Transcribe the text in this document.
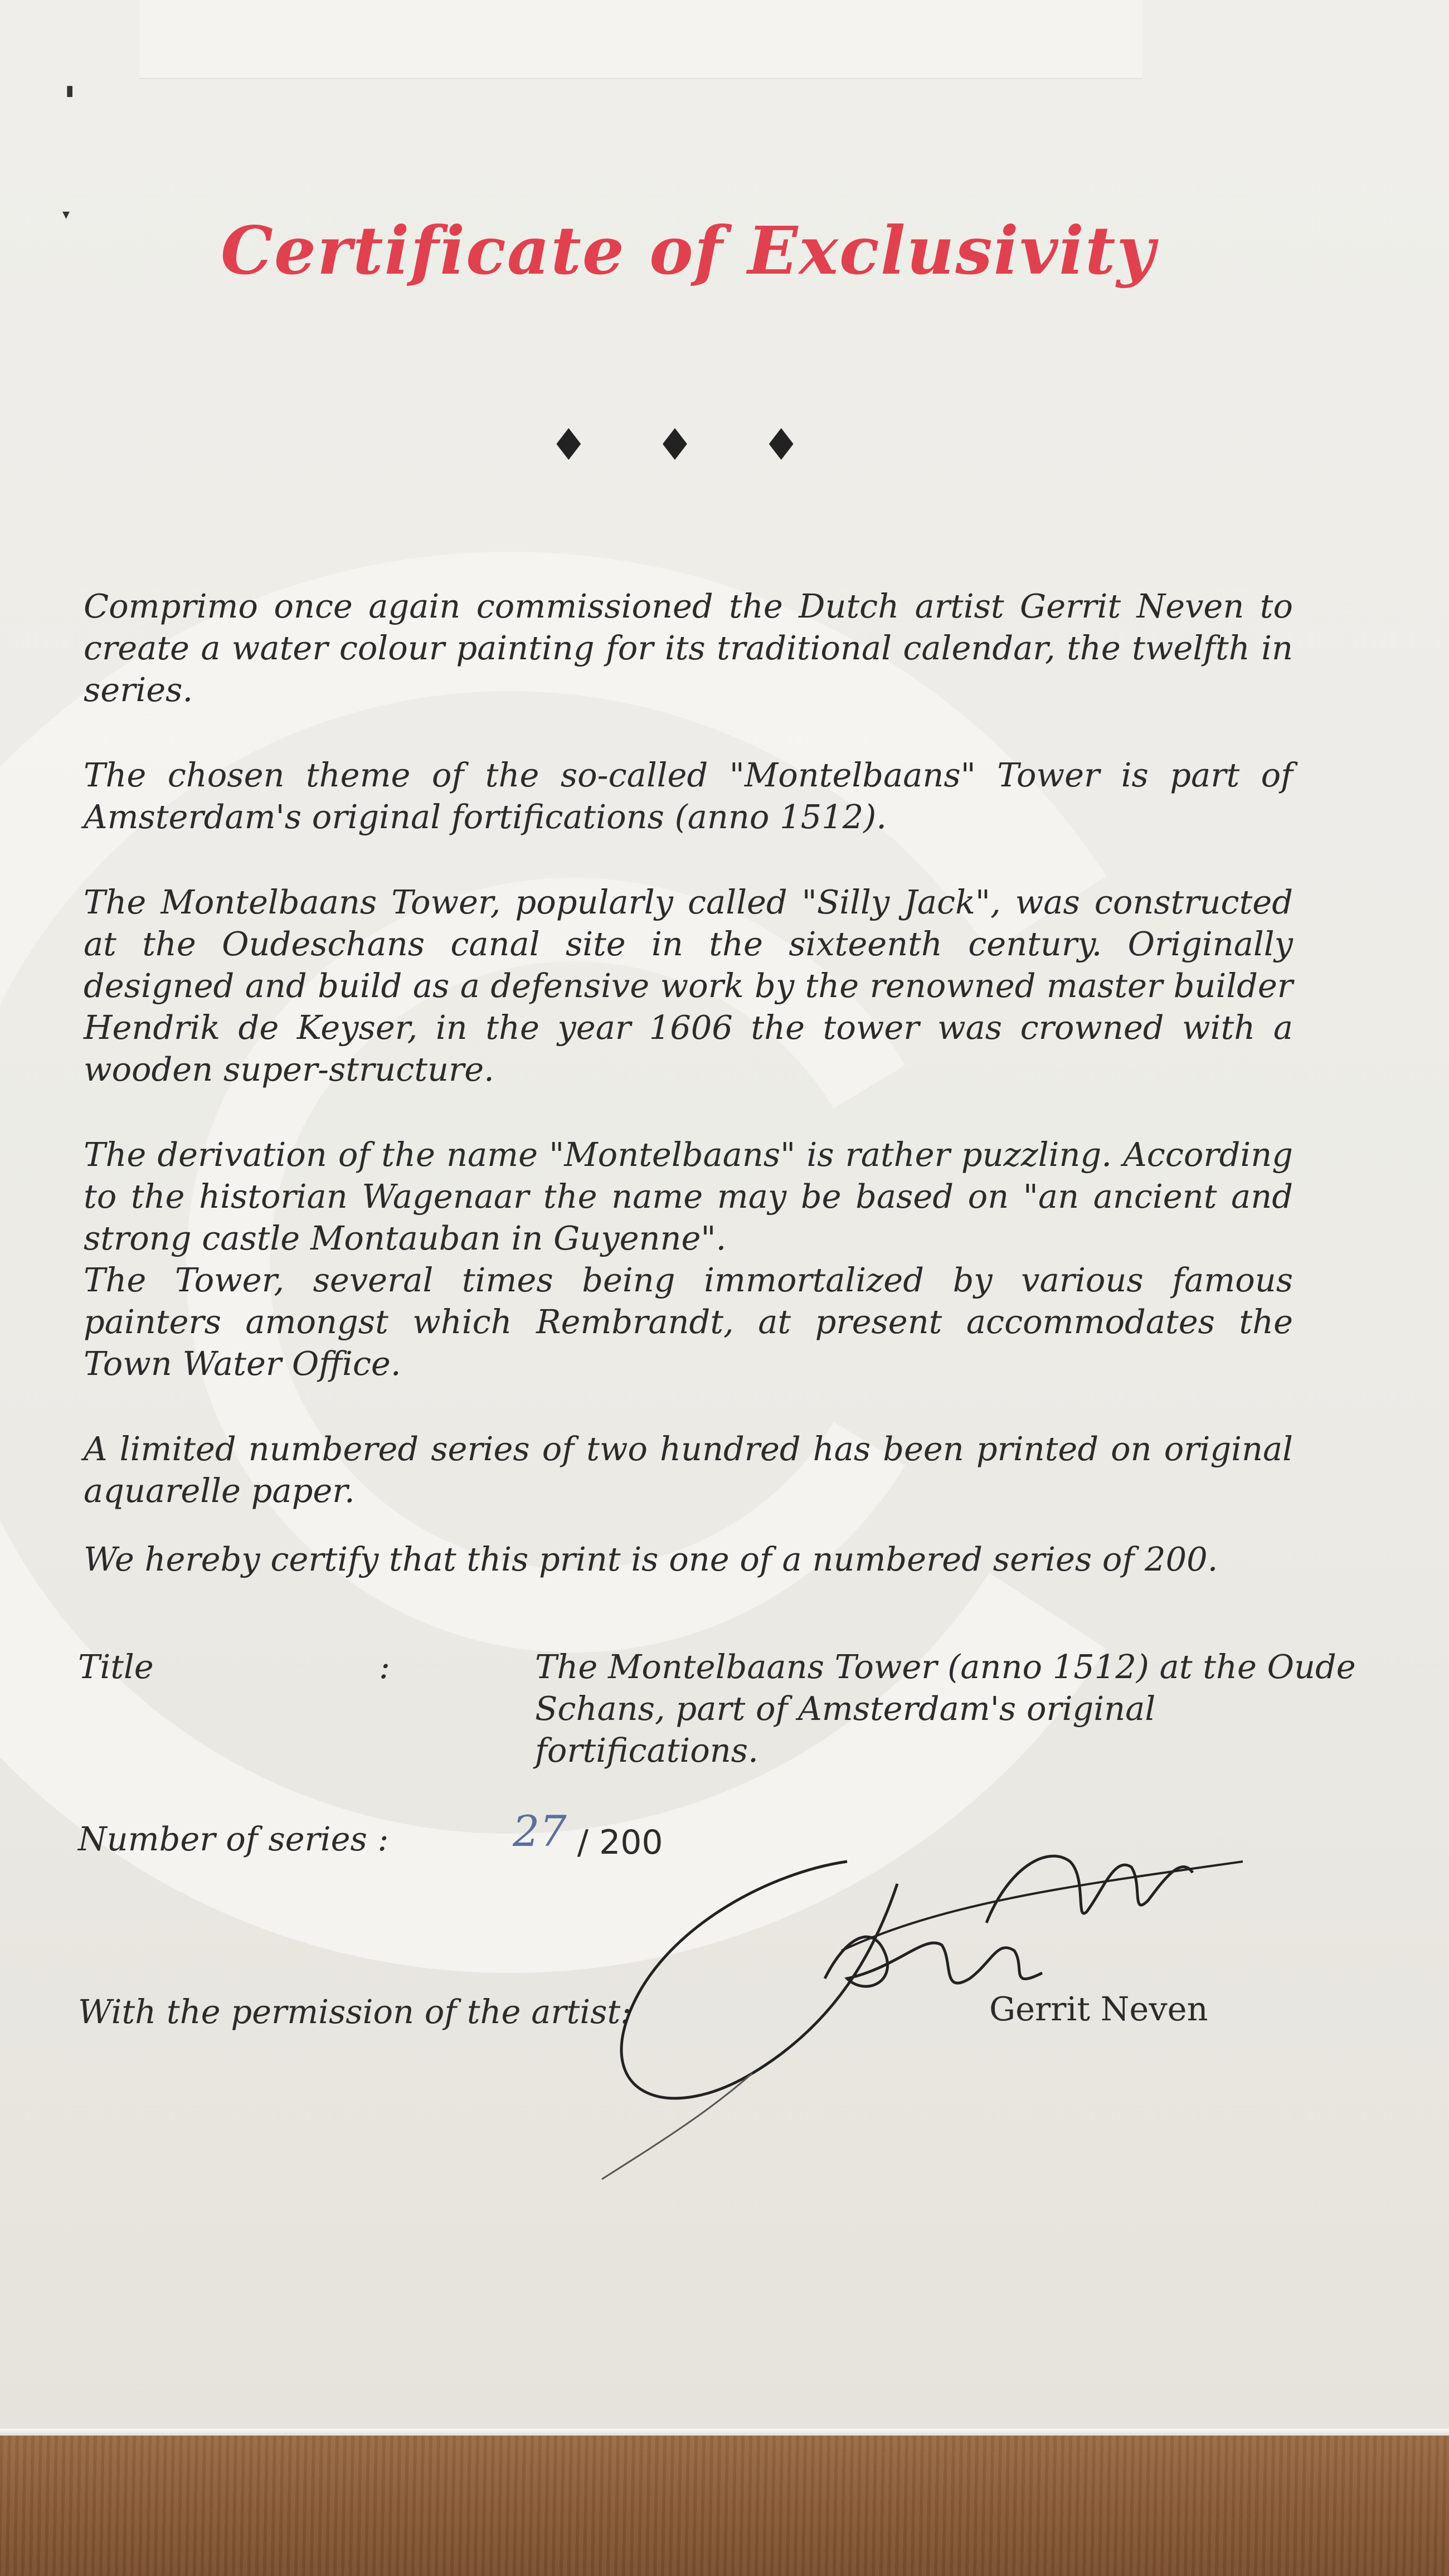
▮
▾	Certificate of Exclusivity
♦ ♦ ♦

Comprimo once again commissioned the Dutch artist Gerrit Neven to create a water colour painting for its traditional calendar, the twelfth in series.

The chosen theme of the so-called "Montelbaans" Tower is part of Amsterdam's original fortifications (anno 1512).

The Montelbaans Tower, popularly called "Silly Jack", was constructed at the Oudeschans canal site in the sixteenth century. Originally designed and build as a defensive work by the renowned master builder Hendrik de Keyser, in the year 1606 the tower was crowned with a wooden super-structure.

The derivation of the name "Montelbaans" is rather puzzling. According to the historian Wagenaar the name may be based on "an ancient and strong castle Montauban in Guyenne".

The Tower, several times being immortalized by various famous painters amongst which Rembrandt, at present accommodates the Town Water Office.

A limited numbered series of two hundred has been printed on original aquarelle paper.

We hereby certify that this print is one of a numbered series of 200.

Title	:	The Montelbaans Tower (anno 1512) at the Oude Schans, part of Amsterdam's original fortifications.
Number of series :	27 / 200
With the permission of the artist:	Gerrit Neven
